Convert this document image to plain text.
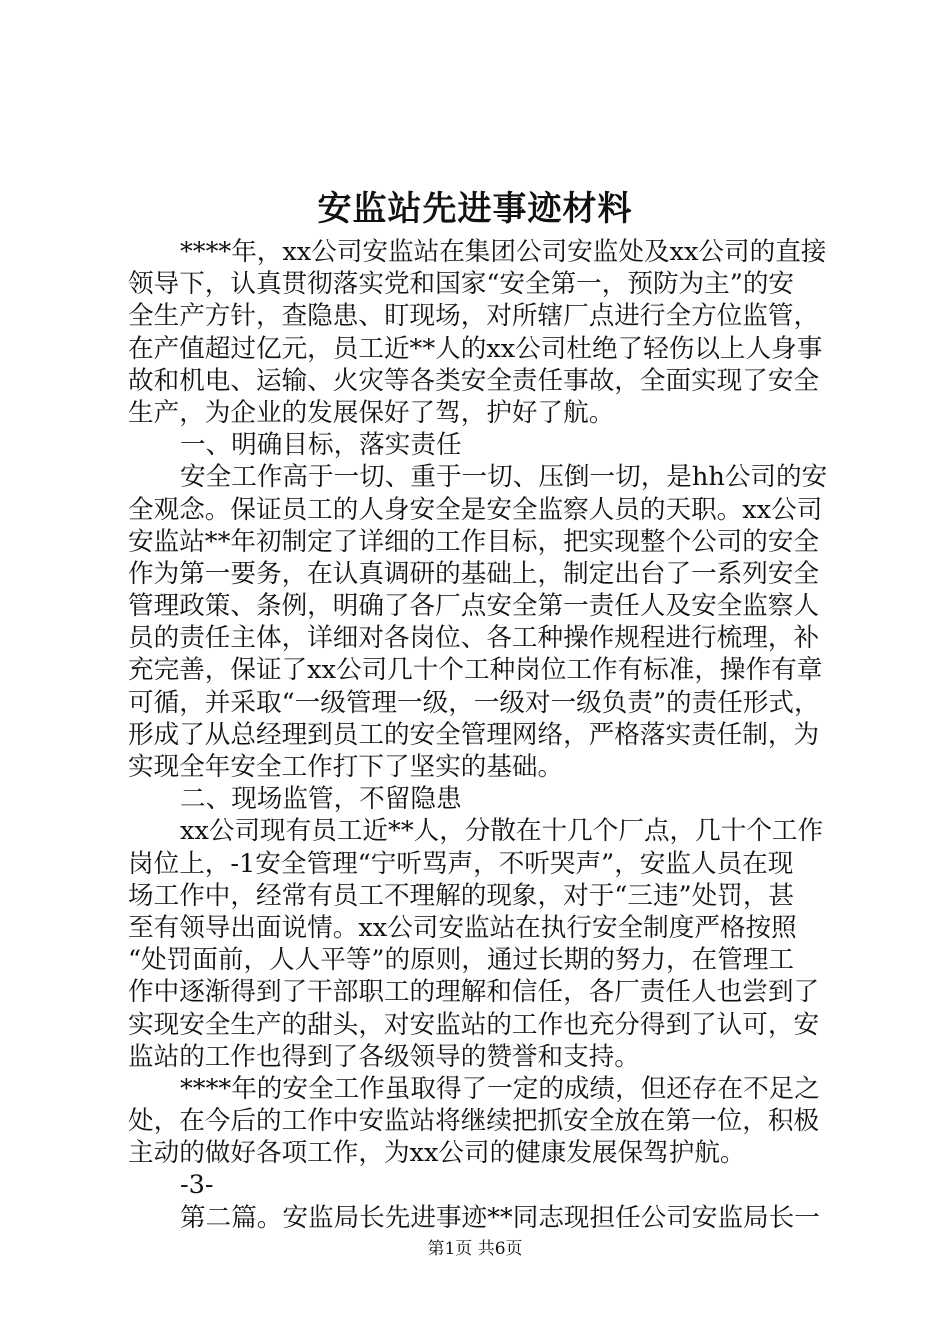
安监站先进事迹材料
****年，xx公司安监站在集团公司安监处及xx公司的直接
领导下，认真贯彻落实党和国家“安全第一，预防为主”的安
全生产方针，查隐患、盯现场，对所辖厂点进行全方位监管，
在产值超过亿元，员工近**人的xx公司杜绝了轻伤以上人身事
故和机电、运输、火灾等各类安全责任事故，全面实现了安全
生产，为企业的发展保好了驾，护好了航。
一、明确目标，落实责任
安全工作高于一切、重于一切、压倒一切，是hh公司的安
全观念。保证员工的人身安全是安全监察人员的天职。xx公司
安监站**年初制定了详细的工作目标，把实现整个公司的安全
作为第一要务，在认真调研的基础上，制定出台了一系列安全
管理政策、条例，明确了各厂点安全第一责任人及安全监察人
员的责任主体，详细对各岗位、各工种操作规程进行梳理，补
充完善，保证了xx公司几十个工种岗位工作有标准，操作有章
可循，并采取“一级管理一级，一级对一级负责”的责任形式，
形成了从总经理到员工的安全管理网络，严格落实责任制，为
实现全年安全工作打下了坚实的基础。
二、现场监管，不留隐患
xx公司现有员工近**人，分散在十几个厂点，几十个工作
岗位上，-1安全管理“宁听骂声，不听哭声”，安监人员在现
场工作中，经常有员工不理解的现象，对于“三违”处罚，甚
至有领导出面说情。xx公司安监站在执行安全制度严格按照
“处罚面前，人人平等”的原则，通过长期的努力，在管理工
作中逐渐得到了干部职工的理解和信任，各厂责任人也尝到了
实现安全生产的甜头，对安监站的工作也充分得到了认可，安
监站的工作也得到了各级领导的赞誉和支持。
****年的安全工作虽取得了一定的成绩，但还存在不足之
处，在今后的工作中安监站将继续把抓安全放在第一位，积极
主动的做好各项工作，为xx公司的健康发展保驾护航。
-3-
第二篇。安监局长先进事迹**同志现担任公司安监局长一
第1页 共6页
